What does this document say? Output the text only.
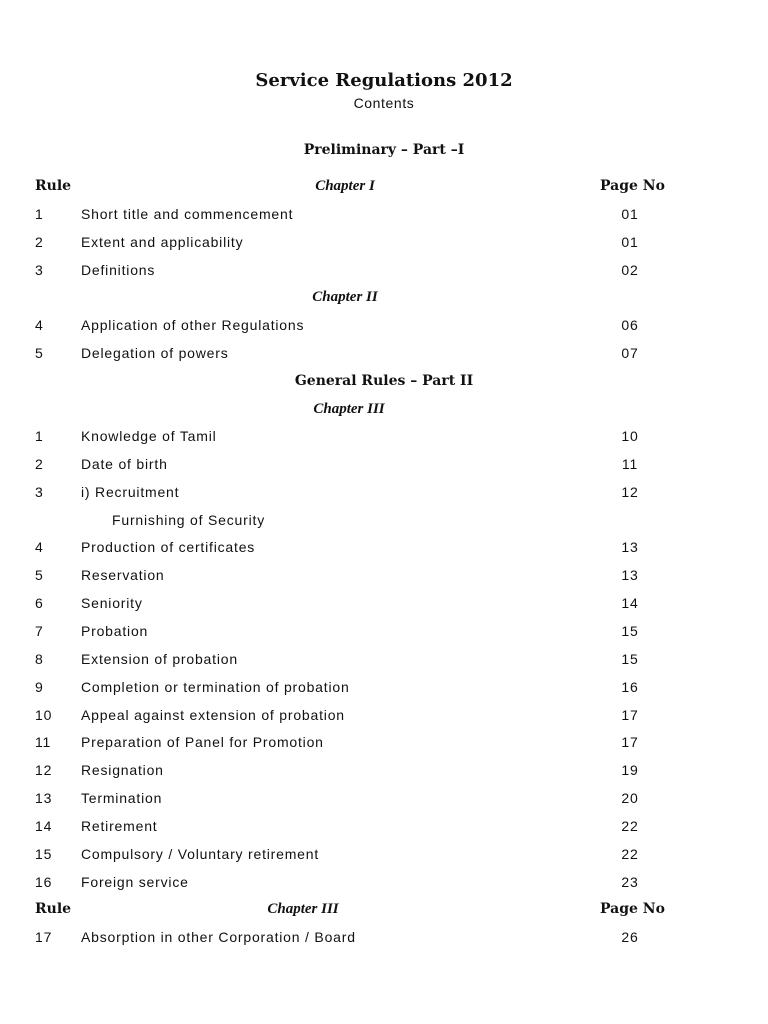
Service Regulations 2012
Contents
Preliminary – Part –I
Rule	Chapter I	Page No
1	Short title and commencement	01
2	Extent and applicability	01
3	Definitions	02
Chapter II
4	Application of other Regulations	06
5	Delegation of powers	07
General Rules – Part II
Chapter III
1	Knowledge of Tamil	10
2	Date of birth	11
3	i) Recruitment	12
Furnishing of Security
4	Production of certificates	13
5	Reservation	13
6	Seniority	14
7	Probation	15
8	Extension of probation	15
9	Completion or termination of probation	16
10 Appeal against extension of probation	17
11 Preparation of Panel for Promotion	17
12 Resignation	19
13 Termination	20
14 Retirement	22
15 Compulsory / Voluntary retirement	22
16 Foreign service	23
Rule	Chapter III	Page No
17 Absorption in other Corporation / Board	26
